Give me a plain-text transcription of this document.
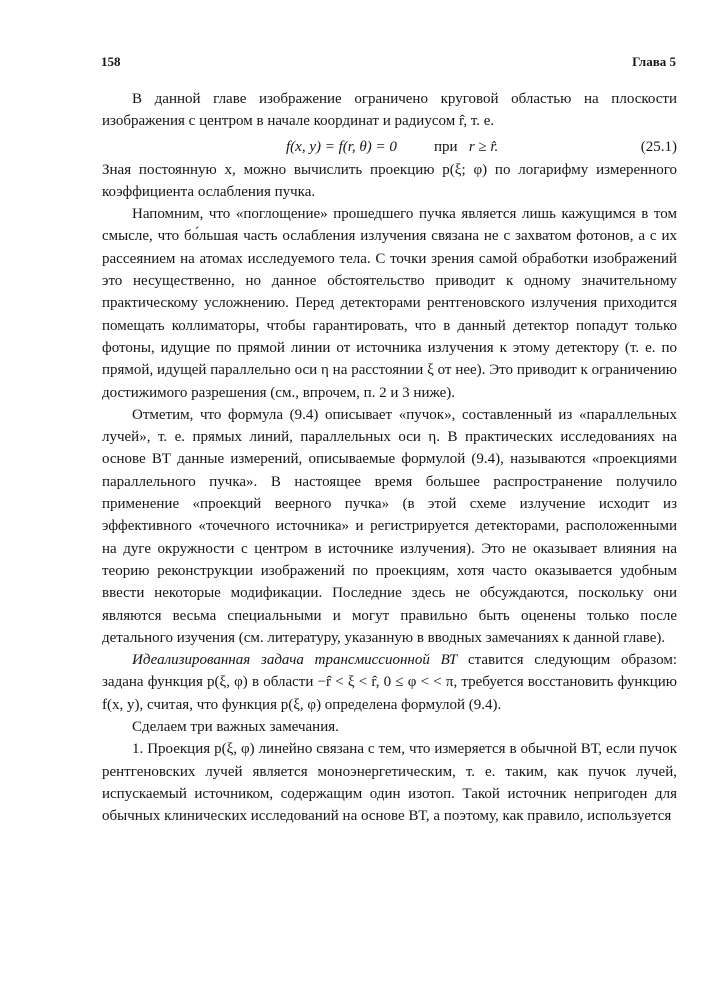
158	Глава 5

В данной главе изображение ограничено круговой областью на плоскости изображения с центром в начале координат и радиусом r̂, т. е.

f(x, y) = f(r, θ) = 0 при r ≥ r̂.	(25.1)

Зная постоянную x, можно вычислить проекцию p(ξ; φ) по логарифму измеренного коэффициента ослабления пучка.

Напомним, что «поглощение» прошедшего пучка является лишь кажущимся в том смысле, что бо́льшая часть ослабления излучения связана не с захватом фотонов, а с их рассеянием на атомах исследуемого тела. С точки зрения самой обработки изображений это несущественно, но данное обстоятельство приводит к одному значительному практическому усложнению. Перед детекторами рентгеновского излучения приходится помещать коллиматоры, чтобы гарантировать, что в данный детектор попадут только фотоны, идущие по прямой линии от источника излучения к этому детектору (т. е. по прямой, идущей параллельно оси η на расстоянии ξ от нее). Это приводит к ограничению достижимого разрешения (см., впрочем, п. 2 и 3 ниже).

Отметим, что формула (9.4) описывает «пучок», составленный из «параллельных лучей», т. е. прямых линий, параллельных оси η. В практических исследованиях на основе ВТ данные измерений, описываемые формулой (9.4), называются «проекциями параллельного пучка». В настоящее время большее распространение получило применение «проекций веерного пучка» (в этой схеме излучение исходит из эффективного «точечного источника» и регистрируется детекторами, расположенными на дуге окружности с центром в источнике излучения). Это не оказывает влияния на теорию реконструкции изображений по проекциям, хотя часто оказывается удобным ввести некоторые модификации. Последние здесь не обсуждаются, поскольку они являются весьма специальными и могут правильно быть оценены только после детального изучения (см. литературу, указанную в вводных замечаниях к данной главе).

Идеализированная задача трансмиссионной ВТ ставится следующим образом: задана функция p(ξ, φ) в области −r̂ < ξ < r̂, 0 ≤ φ < < π, требуется восстановить функцию f(x, y), считая, что функция p(ξ, φ) определена формулой (9.4).

Сделаем три важных замечания.

1. Проекция p(ξ, φ) линейно связана с тем, что измеряется в обычной ВТ, если пучок рентгеновских лучей является моноэнергетическим, т. е. таким, как пучок лучей, испускаемый источником, содержащим один изотоп. Такой источник непригоден для обычных клинических исследований на основе ВТ, а поэтому, как правило, используется
